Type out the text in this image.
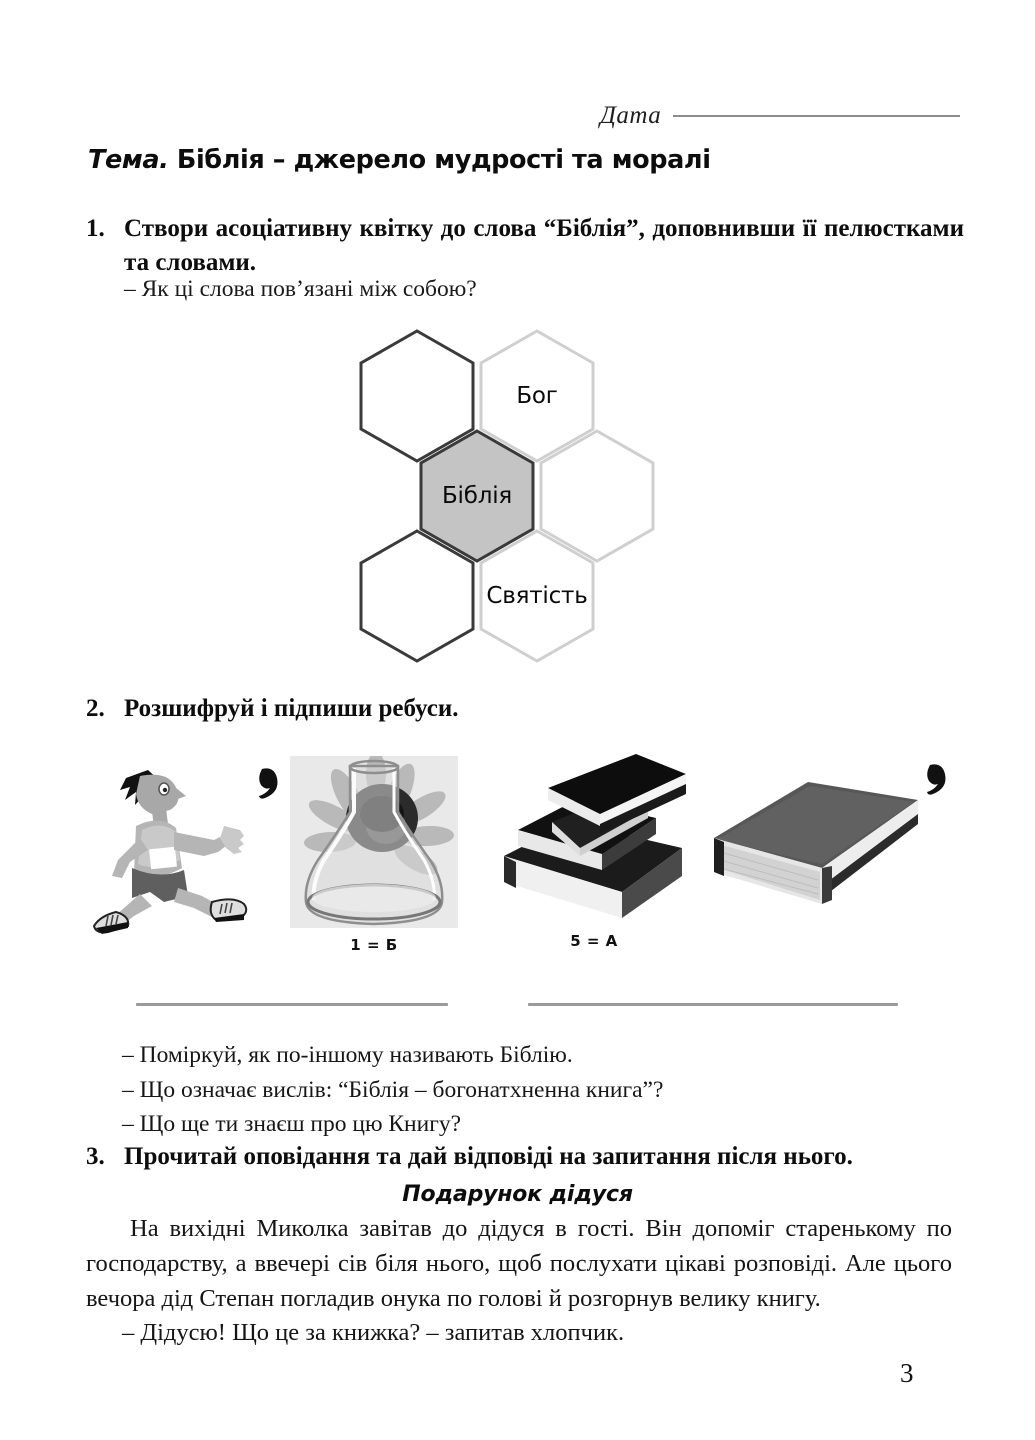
Дата
Тема. Біблія – джерело мудрості та моралі
1. Створи асоціативну квітку до слова “Біблія”, доповнивши її пелюстками та словами.
– Як ці слова пов’язані між собою?
Бог
Біблія
Святість
2. Розшифруй і підпиши ребуси.
1 = Б	5 = А
– Поміркуй, як по-іншому називають Біблію.
– Що означає вислів: “Біблія – богонатхненна книга”?
– Що ще ти знаєш про цю Книгу?
3. Прочитай оповідання та дай відповіді на запитання після нього.
Подарунок дідуся

На вихідні Миколка завітав до дідуся в гості. Він допоміг старенькому по господарству, а ввечері сів біля нього, щоб послухати цікаві розповіді. Але цього вечора дід Степан погладив онука по голові й розгорнув велику книгу.

– Дідусю! Що це за книжка? – запитав хлопчик.

3
